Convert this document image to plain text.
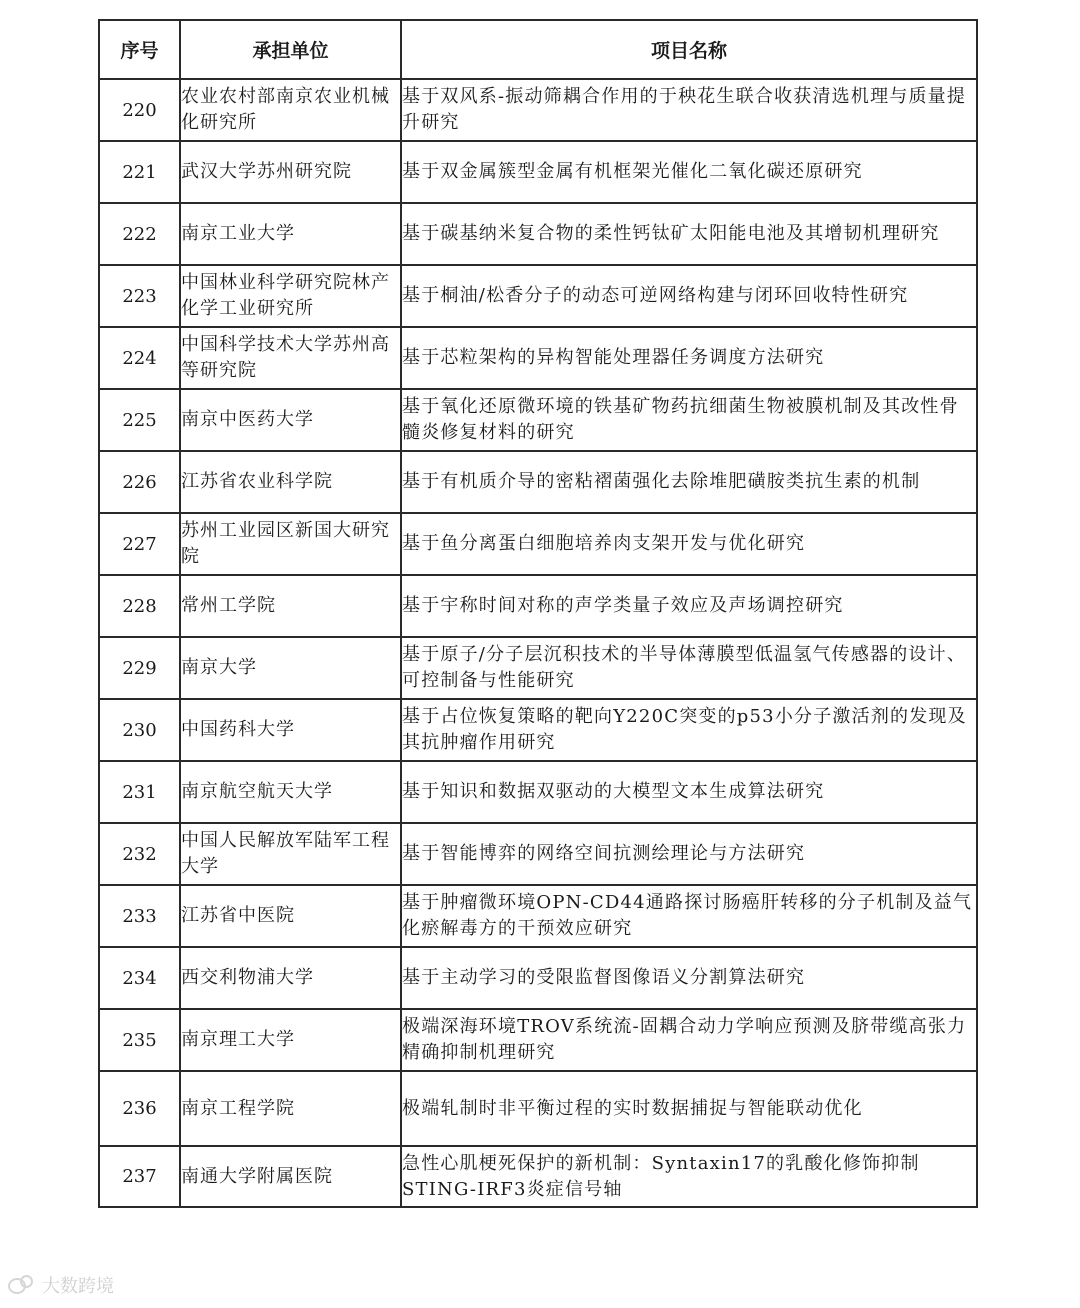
序号	承担单位	项目名称
220	农业农村部南京农业机械化研究所	基于双风系-振动筛耦合作用的于秧花生联合收获清选机理与质量提升研究
221	武汉大学苏州研究院	基于双金属簇型金属有机框架光催化二氧化碳还原研究
222	南京工业大学	基于碳基纳米复合物的柔性钙钛矿太阳能电池及其增韧机理研究
223	中国林业科学研究院林产化学工业研究所	基于桐油/松香分子的动态可逆网络构建与闭环回收特性研究
224	中国科学技术大学苏州高等研究院	基于芯粒架构的异构智能处理器任务调度方法研究
225	南京中医药大学	基于氧化还原微环境的铁基矿物药抗细菌生物被膜机制及其改性骨髓炎修复材料的研究
226	江苏省农业科学院	基于有机质介导的密粘褶菌强化去除堆肥磺胺类抗生素的机制
227	苏州工业园区新国大研究院	基于鱼分离蛋白细胞培养肉支架开发与优化研究
228	常州工学院	基于宇称时间对称的声学类量子效应及声场调控研究
229	南京大学	基于原子/分子层沉积技术的半导体薄膜型低温氢气传感器的设计、可控制备与性能研究
230	中国药科大学	基于占位恢复策略的靶向Y220C突变的p53小分子激活剂的发现及其抗肿瘤作用研究
231	南京航空航天大学	基于知识和数据双驱动的大模型文本生成算法研究
232	中国人民解放军陆军工程大学	基于智能博弈的网络空间抗测绘理论与方法研究
233	江苏省中医院	基于肿瘤微环境OPN-CD44通路探讨肠癌肝转移的分子机制及益气化瘀解毒方的干预效应研究
234	西交利物浦大学	基于主动学习的受限监督图像语义分割算法研究
235	南京理工大学	极端深海环境TROV系统流-固耦合动力学响应预测及脐带缆高张力精确抑制机理研究
236	南京工程学院	极端轧制时非平衡过程的实时数据捕捉与智能联动优化
237	南通大学附属医院	急性心肌梗死保护的新机制：Syntaxin17的乳酸化修饰抑制STING-IRF3炎症信号轴
大数跨境
